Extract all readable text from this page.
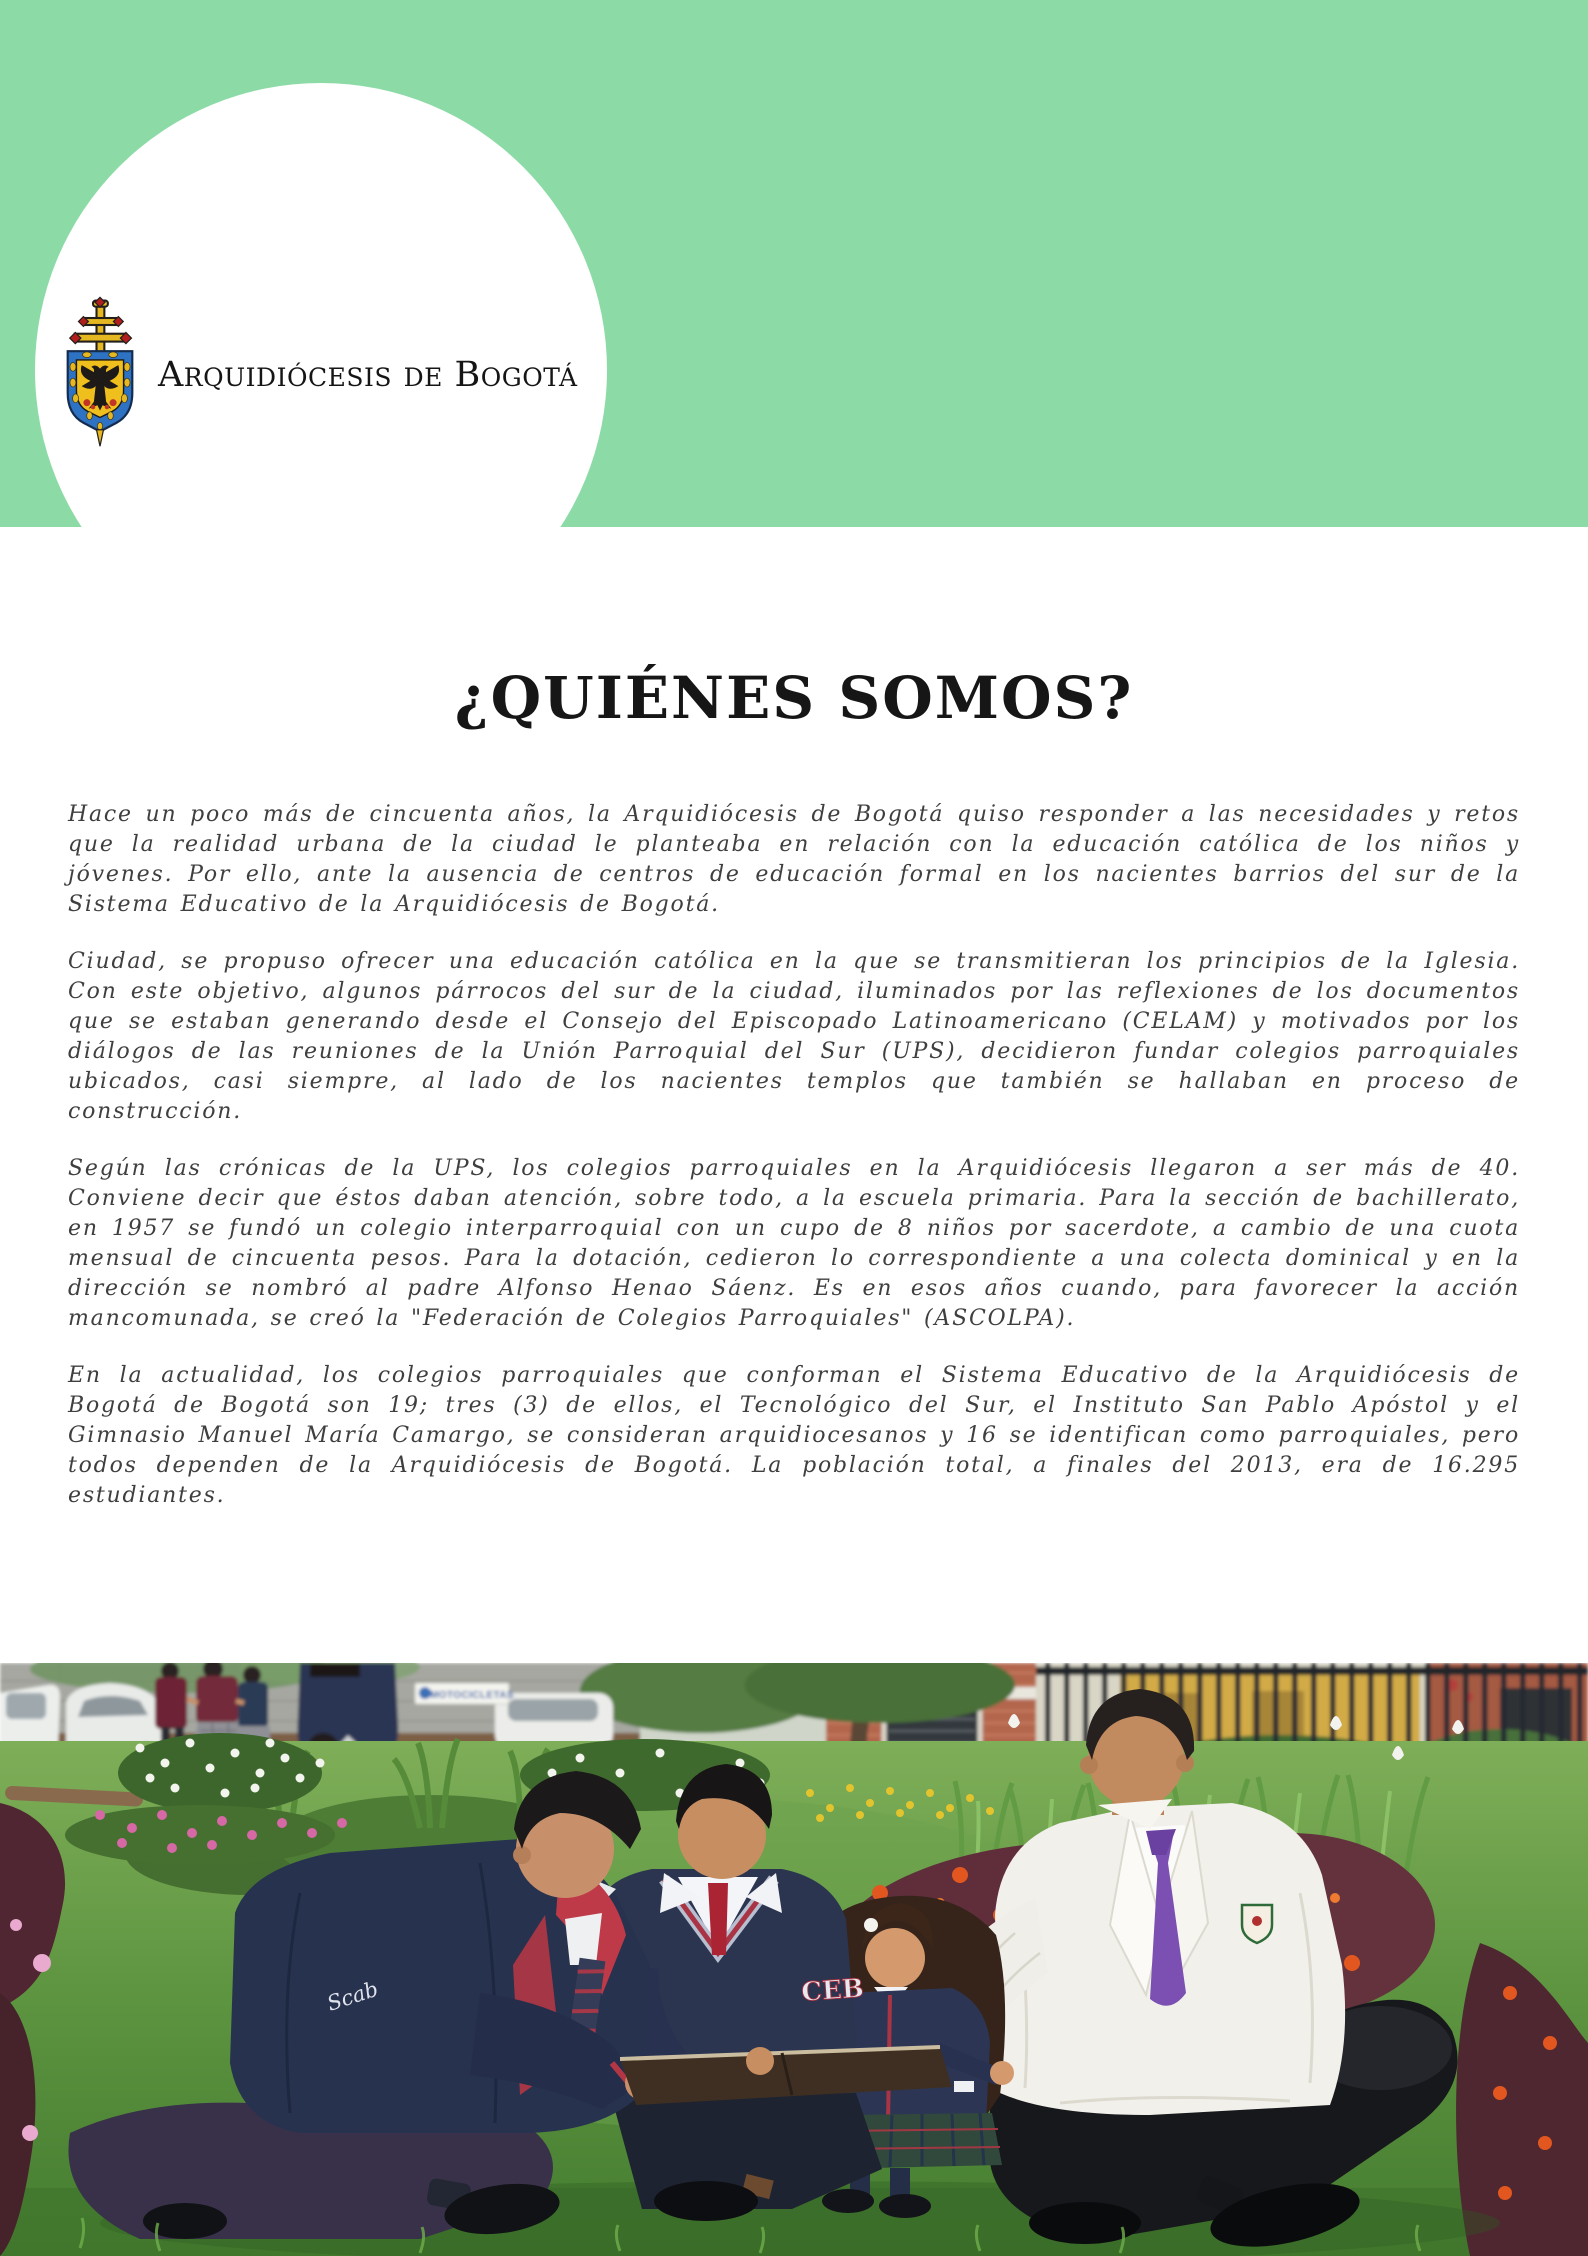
Arquidiócesis de Bogotá
¿QUIÉNES SOMOS?

Hace un poco más de cincuenta años, la Arquidiócesis de Bogotá quiso responder a las necesidades y retos que la realidad urbana de la ciudad le planteaba en relación con la educación católica de los niños y jóvenes. Por ello, ante la ausencia de centros de educación formal en los nacientes barrios del sur de la Sistema Educativo de la Arquidiócesis de Bogotá.

Ciudad, se propuso ofrecer una educación católica en la que se transmitieran los principios de la Iglesia. Con este objetivo, algunos párrocos del sur de la ciudad, iluminados por las reflexiones de los documentos que se estaban generando desde el Consejo del Episcopado Latinoamericano (CELAM) y motivados por los diálogos de las reuniones de la Unión Parroquial del Sur (UPS), decidieron fundar colegios parroquiales ubicados, casi siempre, al lado de los nacientes templos que también se hallaban en proceso de construcción.

Según las crónicas de la UPS, los colegios parroquiales en la Arquidiócesis llegaron a ser más de 40. Conviene decir que éstos daban atención, sobre todo, a la escuela primaria. Para la sección de bachillerato, en 1957 se fundó un colegio interparroquial con un cupo de 8 niños por sacerdote, a cambio de una cuota mensual de cincuenta pesos. Para la dotación, cedieron lo correspondiente a una colecta dominical y en la dirección se nombró al padre Alfonso Henao Sáenz. Es en esos años cuando, para favorecer la acción mancomunada, se creó la "Federación de Colegios Parroquiales" (ASCOLPA).

En la actualidad, los colegios parroquiales que conforman el Sistema Educativo de la Arquidiócesis de Bogotá de Bogotá son 19; tres (3) de ellos, el Tecnológico del Sur, el Instituto San Pablo Apóstol y el Gimnasio Manuel María Camargo, se consideran arquidiocesanos y 16 se identifican como parroquiales, pero todos dependen de la Arquidiócesis de Bogotá. La población total, a finales del 2013, era de 16.295 estudiantes.

MOTOCICLETAS
CEB
Scab
